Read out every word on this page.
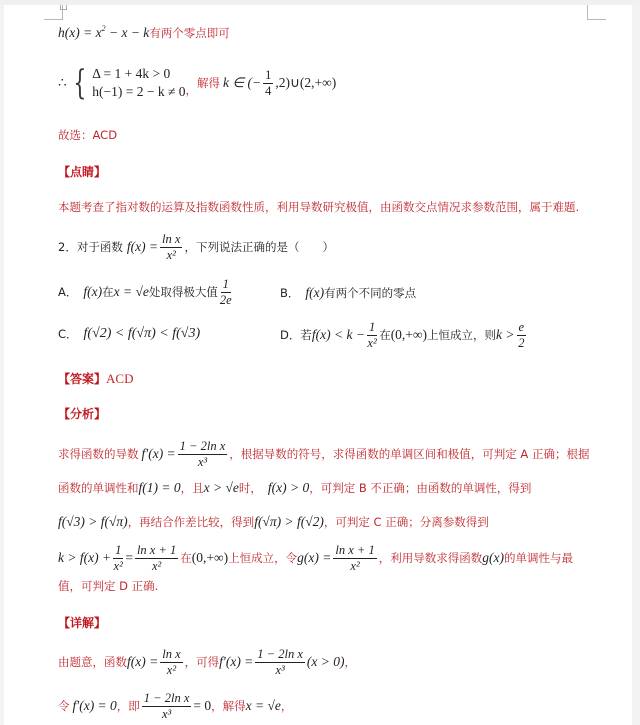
$h(x) = x^2 - x - k$ 有两个零点即可
∴ { Δ = 1 + 4k > 0
h(−1) = 2 − k ≠ 0 ， 解得 k ∈ (− $\frac{1}{4}$ ,2)∪(2,+∞)
故选：ACD
【点睛】
本题考查了指对数的运算及指数函数性质，利用导数研究极值，由函数交点情况求参数范围，属于难题.
2．对于函数 $f(x) = \frac{\text{ln x}}{\text{x²}}$ ，下列说法正确的是（　　）
A． f(x) 在 x = √e 处取得极大值 $\frac{1}{2e}$	B． f(x) 有两个不同的零点
C． f(√2) < f(√π) < f(√3)	D． 若 $f(x) < k - \frac{1}{\text{x²}}$ 在 (0,+∞) 上恒成立，则 $k > \frac{e}{2}$
【答案】 ACD
【分析】
求得函数的导数 $f'(x) = \frac{\text{1 − 2ln x}}{\text{x³}}$ ，根据导数的符号，求得函数的单调区间和极值，可判定 A 正确；根据
函数的单调性和 f(1) = 0 ，且 x > √e 时， f(x) > 0 ，可判定 B 不正确；由函数的单调性，得到
f(√3) > f(√π) ，再结合作差比较，得到 f(√π) > f(√2) ，可判定 C 正确；分离参数得到
$k > f(x) + \frac{1}{\text{x²}} = \frac{\text{ln x + 1}}{\text{x²}}$ 在 (0,+∞) 上恒成立，令 $g(x) = \frac{\text{ln x + 1}}{\text{x²}}$ ，利用导数求得函数 g(x) 的单调性与最
值，可判定 D 正确.
【详解】
由题意，函数 $f(x) = \frac{\text{ln x}}{\text{x²}}$ ，可得 $f'(x) = \frac{\text{1 − 2ln x}}{\text{x³}} (x > 0)$ ，
令 f′(x) = 0 ，即 $\frac{\text{1 − 2ln x}}{\text{x³}} = 0$ ，解得 x = √e ，
